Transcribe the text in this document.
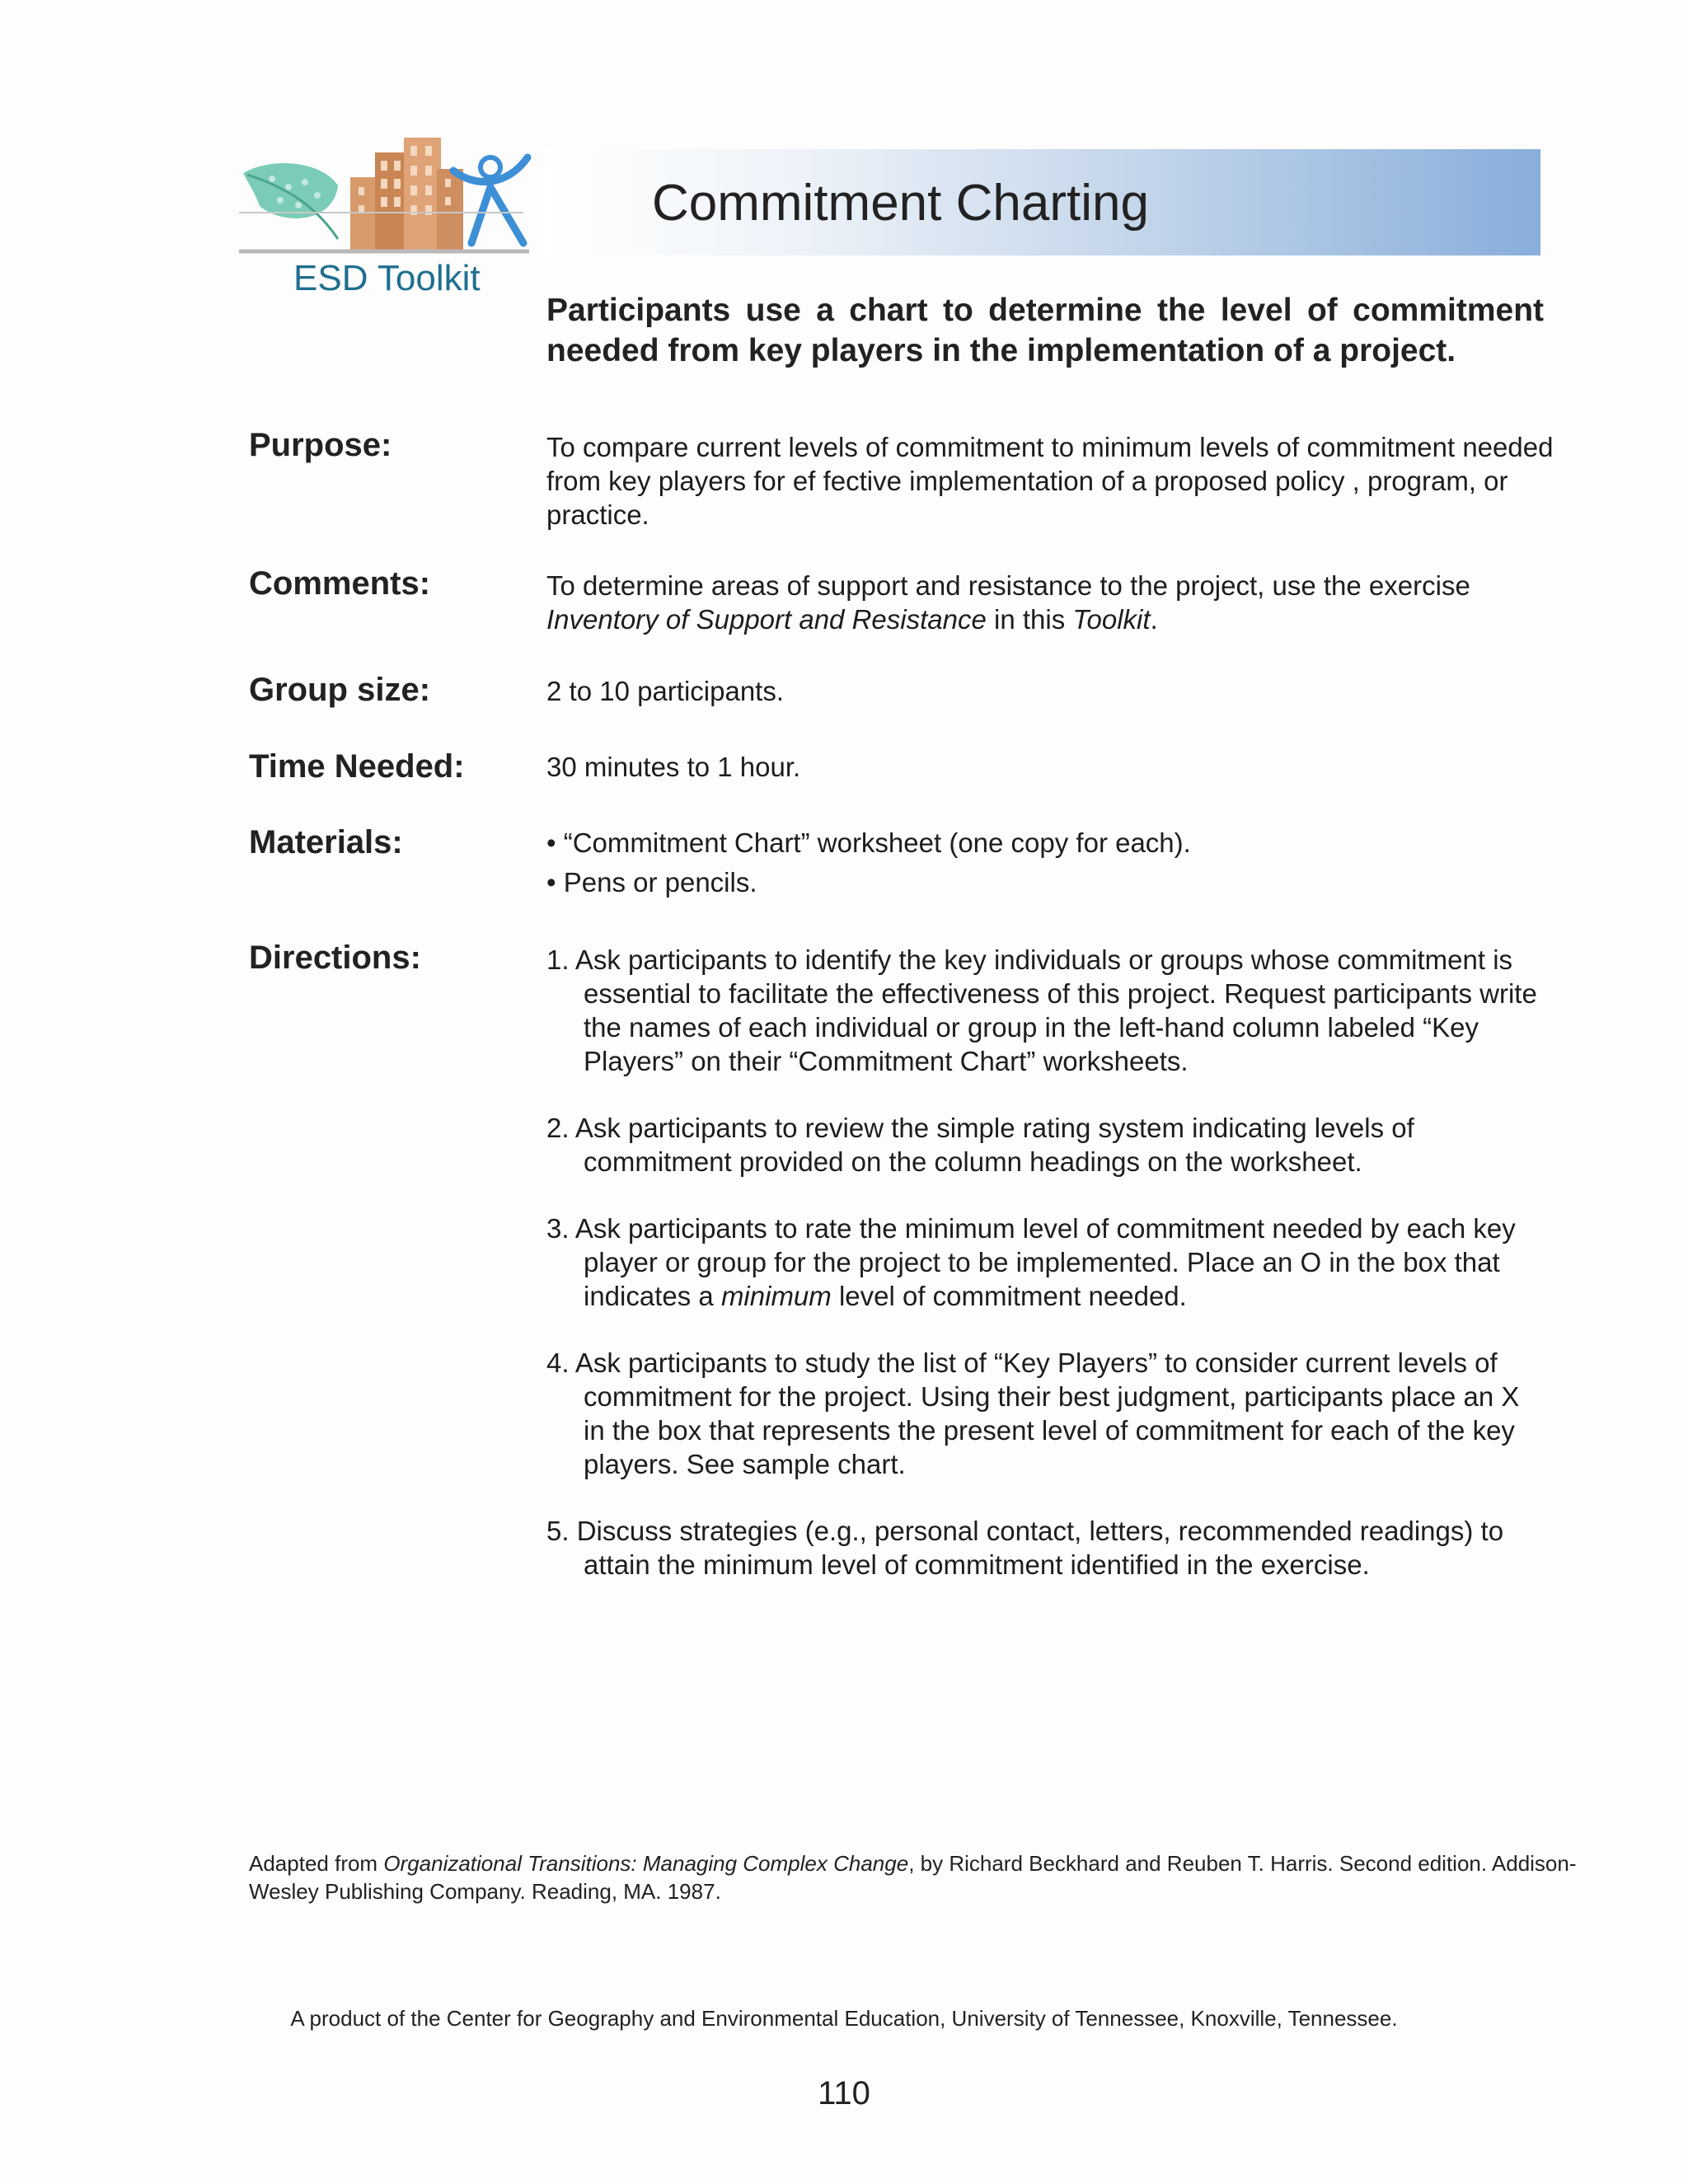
ESD Toolkit
Commitment Charting
Participants use a chart to determine the level of commitment needed from key players in the implementation of a project.
Purpose:	To compare current levels of commitment to minimum levels of commitment needed from key players for ef fective implementation of a proposed policy , program, or practice.
Comments:	To determine areas of support and resistance to the project, use the exercise Inventory of Support and Resistance in this Toolkit.
Group size:	2 to 10 participants.
Time Needed:	30 minutes to 1 hour.
Materials:	• “Commitment Chart” worksheet (one copy for each).
• Pens or pencils.
Directions:	1. Ask participants to identify the key individuals or groups whose commitment is essential to facilitate the effectiveness of this project. Request participants write the names of each individual or group in the left-hand column labeled “Key Players” on their “Commitment Chart” worksheets.
2. Ask participants to review the simple rating system indicating levels of commitment provided on the column headings on the worksheet.
3. Ask participants to rate the minimum level of commitment needed by each key player or group for the project to be implemented. Place an O in the box that indicates a minimum level of commitment needed.
4. Ask participants to study the list of “Key Players” to consider current levels of commitment for the project. Using their best judgment, participants place an X in the box that represents the present level of commitment for each of the key players. See sample chart.
5. Discuss strategies (e.g., personal contact, letters, recommended readings) to attain the minimum level of commitment identified in the exercise.
Adapted from Organizational Transitions: Managing Complex Change, by Richard Beckhard and Reuben T. Harris. Second edition. Addison-Wesley Publishing Company. Reading, MA. 1987.
A product of the Center for Geography and Environmental Education, University of Tennessee, Knoxville, Tennessee.
110
